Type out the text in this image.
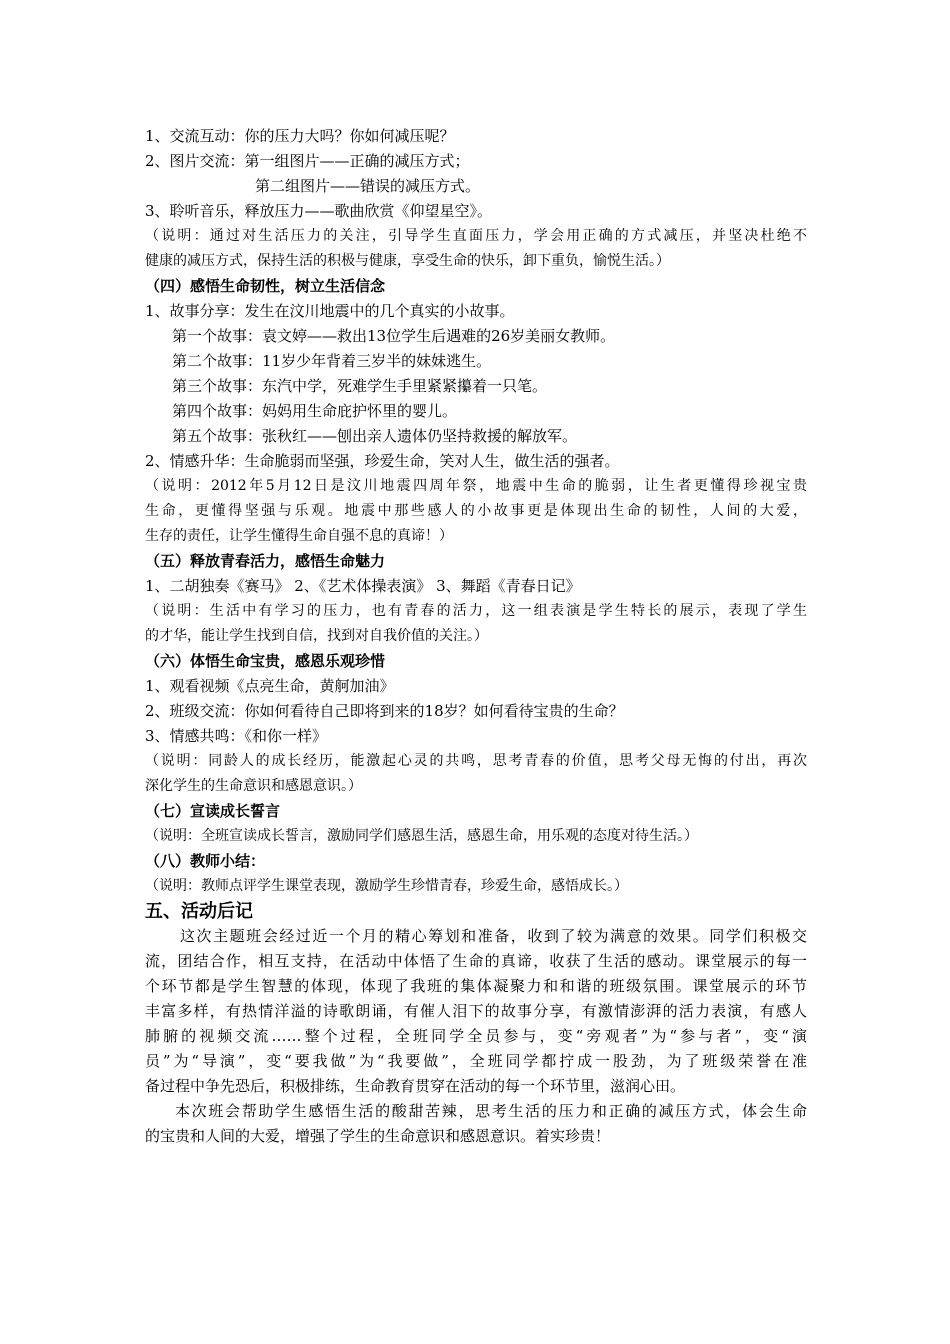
1、交流互动：你的压力大吗？你如何减压呢？
2、图片交流：第一组图片——正确的减压方式；
第二组图片——错误的减压方式。
3、聆听音乐，释放压力——歌曲欣赏《仰望星空》。
（说明：通过对生活压力的关注，引导学生直面压力，学会用正确的方式减压，并坚决杜绝不
健康的减压方式，保持生活的积极与健康，享受生命的快乐，卸下重负，愉悦生活。）
（四）感悟生命韧性，树立生活信念
1、故事分享：发生在汶川地震中的几个真实的小故事。
第一个故事：袁文婷——救出13位学生后遇难的26岁美丽女教师。
第二个故事：11岁少年背着三岁半的妹妹逃生。
第三个故事：东汽中学，死难学生手里紧紧攥着一只笔。
第四个故事：妈妈用生命庇护怀里的婴儿。
第五个故事：张秋红——刨出亲人遗体仍坚持救援的解放军。
2、情感升华：生命脆弱而坚强，珍爱生命，笑对人生，做生活的强者。
（说明：2012年5月12日是汶川地震四周年祭，地震中生命的脆弱，让生者更懂得珍视宝贵
生命，更懂得坚强与乐观。地震中那些感人的小故事更是体现出生命的韧性，人间的大爱，
生存的责任，让学生懂得生命自强不息的真谛！）
（五）释放青春活力，感悟生命魅力
1、二胡独奏《赛马》 2、《艺术体操表演》 3、舞蹈《青春日记》
（说明：生活中有学习的压力，也有青春的活力，这一组表演是学生特长的展示，表现了学生
的才华，能让学生找到自信，找到对自我价值的关注。）
（六）体悟生命宝贵，感恩乐观珍惜
1、观看视频《点亮生命，黄舸加油》
2、班级交流：你如何看待自己即将到来的18岁？如何看待宝贵的生命？
3、情感共鸣：《和你一样》
（说明：同龄人的成长经历，能激起心灵的共鸣，思考青春的价值，思考父母无悔的付出，再次
深化学生的生命意识和感恩意识。）
（七）宣读成长誓言
（说明：全班宣读成长誓言，激励同学们感恩生活，感恩生命，用乐观的态度对待生活。）
（八）教师小结：
（说明：教师点评学生课堂表现，激励学生珍惜青春，珍爱生命，感悟成长。）
五、活动后记
这次主题班会经过近一个月的精心筹划和准备，收到了较为满意的效果。同学们积极交
流，团结合作，相互支持，在活动中体悟了生命的真谛，收获了生活的感动。课堂展示的每一
个环节都是学生智慧的体现，体现了我班的集体凝聚力和和谐的班级氛围。课堂展示的环节
丰富多样，有热情洋溢的诗歌朗诵，有催人泪下的故事分享，有激情澎湃的活力表演，有感人
肺腑的视频交流……整个过程，全班同学全员参与，变“旁观者”为“参与者”，变“演
员”为“导演”，变“要我做”为“我要做”，全班同学都拧成一股劲，为了班级荣誉在准
备过程中争先恐后，积极排练，生命教育贯穿在活动的每一个环节里，滋润心田。
本次班会帮助学生感悟生活的酸甜苦辣，思考生活的压力和正确的减压方式，体会生命
的宝贵和人间的大爱，增强了学生的生命意识和感恩意识。着实珍贵！
